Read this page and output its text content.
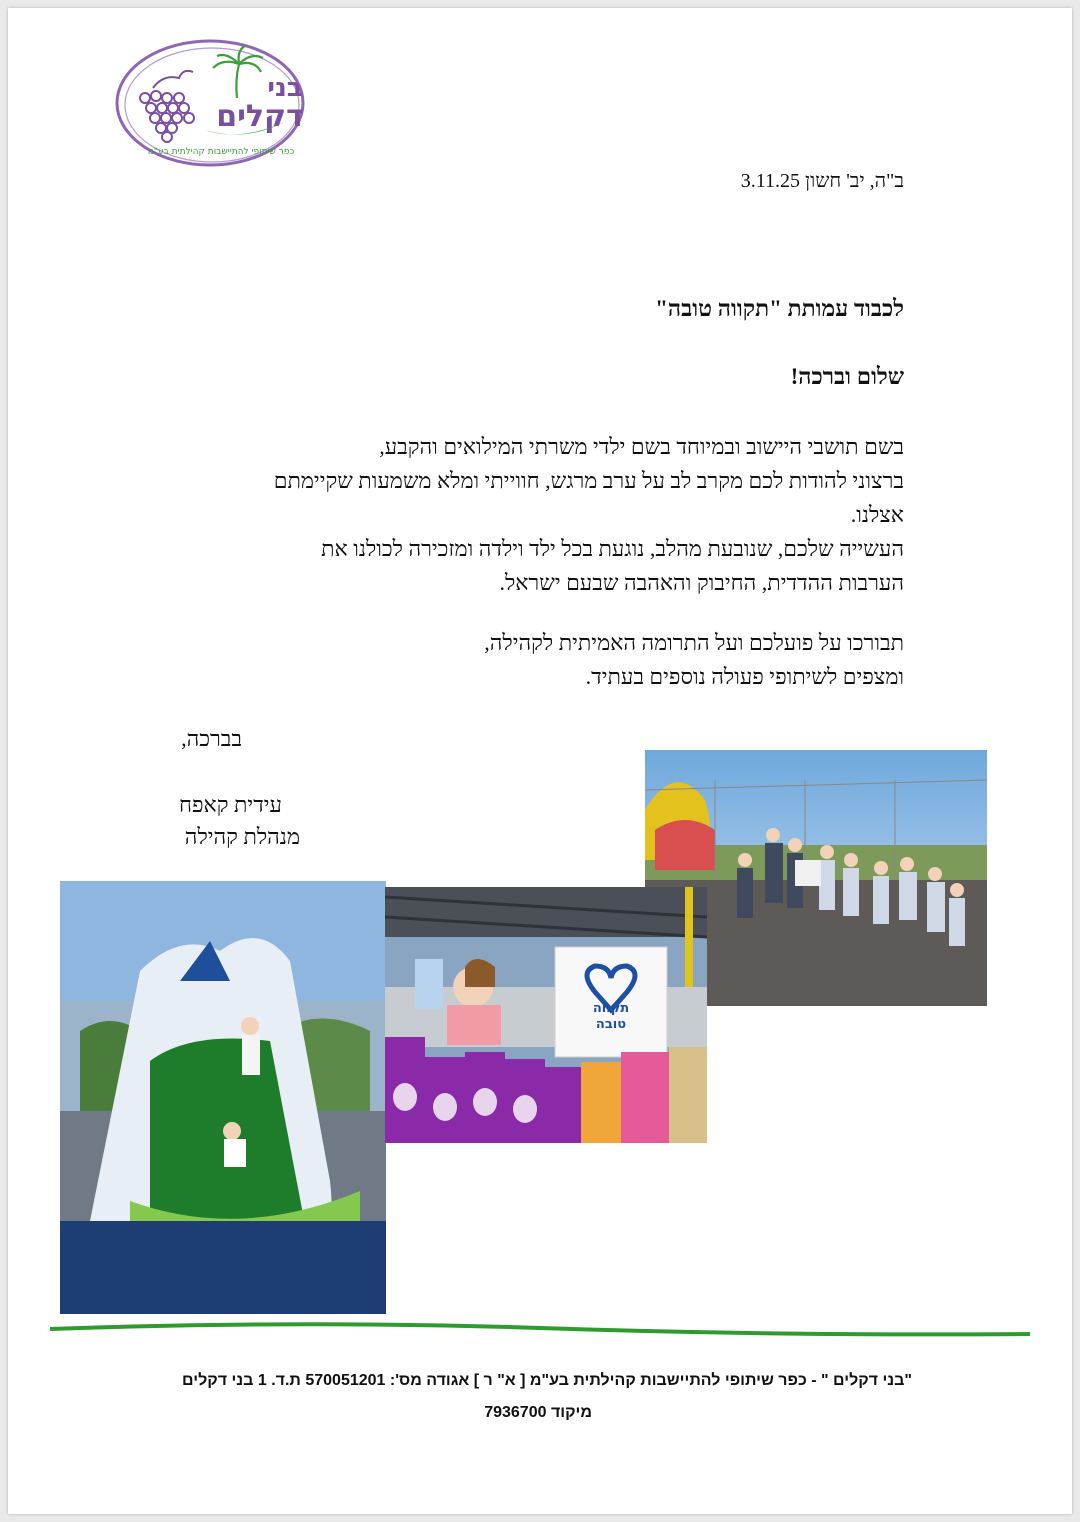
דקלים
בני
כפר שיתופי להתיישבות קהילתית בע"מ
ב"ה, יב' חשון 3.11.25
לכבוד עמותת "תקווה טובה"
שלום וברכה!
בשם תושבי היישוב ובמיוחד בשם ילדי משרתי המילואים והקבע,
ברצוני להודות לכם מקרב לב על ערב מרגש, חווייתי ומלא משמעות שקיימתם
אצלנו.
העשייה שלכם, שנובעת מהלב, נוגעת בכל ילד וילדה ומזכירה לכולנו את
הערבות ההדדית, החיבוק והאהבה שבעם ישראל.
תבורכו על פועלכם ועל התרומה האמיתית לקהילה,
ומצפים לשיתופי פעולה נוספים בעתיד.
בברכה,
עידית קאפח
מנהלת קהילה
תקווה
טובה
"בני דקלים " - כפר שיתופי להתיישבות קהילתית בע"מ [ א" ר ] אגודה מס': 570051201 ת.ד. 1 בני דקלים
מיקוד 7936700
